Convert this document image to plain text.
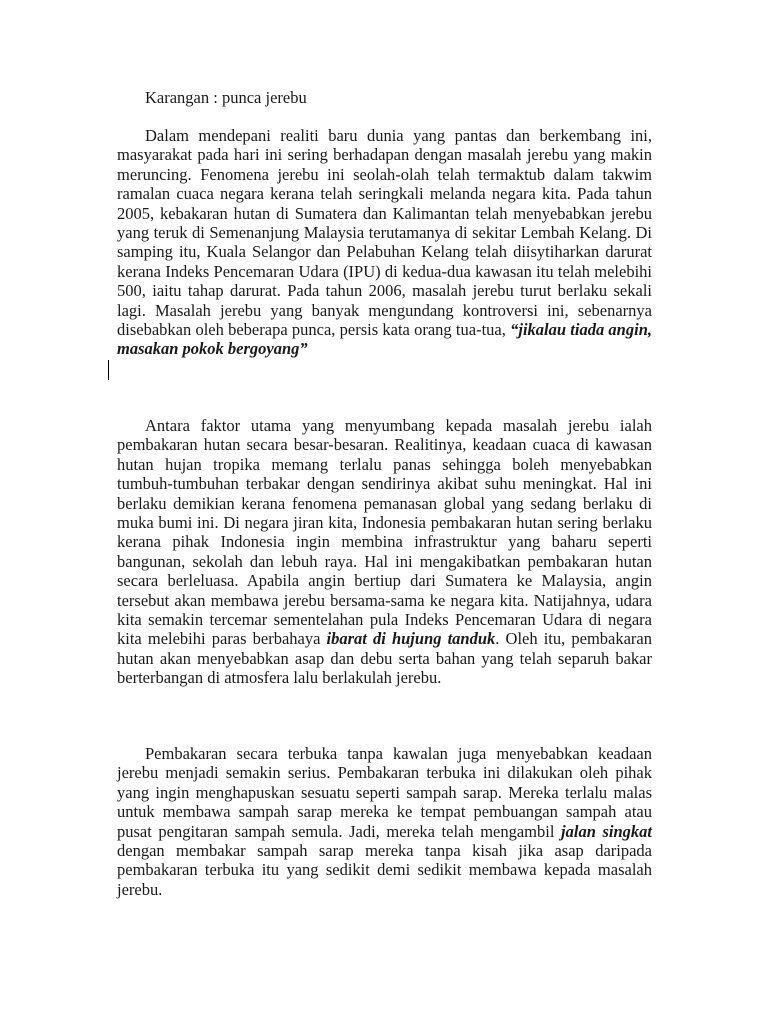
Karangan : punca jerebu

Dalam mendepani realiti baru dunia yang pantas dan berkembang ini, masyarakat pada hari ini sering berhadapan dengan masalah jerebu yang makin meruncing. Fenomena jerebu ini seolah-olah telah termaktub dalam takwim ramalan cuaca negara kerana telah seringkali melanda negara kita. Pada tahun 2005, kebakaran hutan di Sumatera dan Kalimantan telah menyebabkan jerebu yang teruk di Semenanjung Malaysia terutamanya di sekitar Lembah Kelang. Di samping itu, Kuala Selangor dan Pelabuhan Kelang telah diisytiharkan darurat kerana Indeks Pencemaran Udara (IPU) di kedua-dua kawasan itu telah melebihi 500, iaitu tahap darurat. Pada tahun 2006, masalah jerebu turut berlaku sekali lagi. Masalah jerebu yang banyak mengundang kontroversi ini, sebenarnya disebabkan oleh beberapa punca, persis kata orang tua-tua, “jikalau tiada angin, masakan pokok bergoyang”

Antara faktor utama yang menyumbang kepada masalah jerebu ialah pembakaran hutan secara besar-besaran. Realitinya, keadaan cuaca di kawasan hutan hujan tropika memang terlalu panas sehingga boleh menyebabkan tumbuh-tumbuhan terbakar dengan sendirinya akibat suhu meningkat. Hal ini berlaku demikian kerana fenomena pemanasan global yang sedang berlaku di muka bumi ini. Di negara jiran kita, Indonesia pembakaran hutan sering berlaku kerana pihak Indonesia ingin membina infrastruktur yang baharu seperti bangunan, sekolah dan lebuh raya. Hal ini mengakibatkan pembakaran hutan secara berleluasa. Apabila angin bertiup dari Sumatera ke Malaysia, angin tersebut akan membawa jerebu bersama-sama ke negara kita. Natijahnya, udara kita semakin tercemar sementelahan pula Indeks Pencemaran Udara di negara kita melebihi paras berbahaya ibarat di hujung tanduk. Oleh itu, pembakaran hutan akan menyebabkan asap dan debu serta bahan yang telah separuh bakar berterbangan di atmosfera lalu berlakulah jerebu.

Pembakaran secara terbuka tanpa kawalan juga menyebabkan keadaan jerebu menjadi semakin serius. Pembakaran terbuka ini dilakukan oleh pihak yang ingin menghapuskan sesuatu seperti sampah sarap. Mereka terlalu malas untuk membawa sampah sarap mereka ke tempat pembuangan sampah atau pusat pengitaran sampah semula. Jadi, mereka telah mengambil jalan singkat dengan membakar sampah sarap mereka tanpa kisah jika asap daripada pembakaran terbuka itu yang sedikit demi sedikit membawa kepada masalah jerebu.
